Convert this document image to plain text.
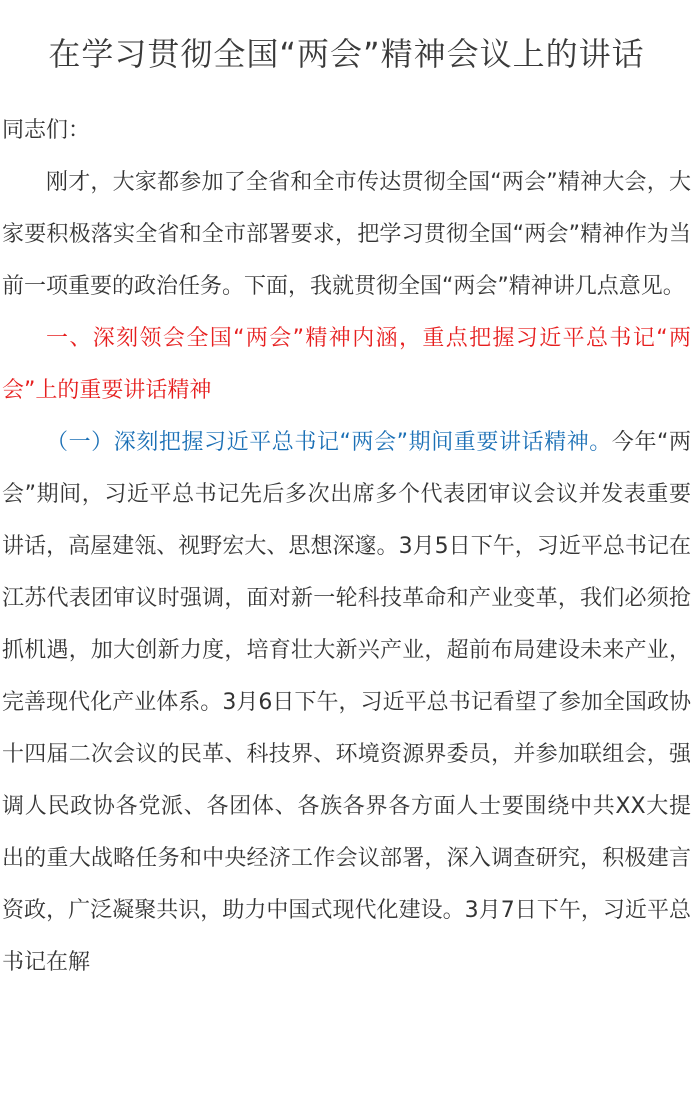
在学习贯彻全国“两会”精神会议上的讲话

同志们：

刚才，大家都参加了全省和全市传达贯彻全国“两会”精神大会，大家要积极落实全省和全市部署要求，把学习贯彻全国“两会”精神作为当前一项重要的政治任务。下面，我就贯彻全国“两会”精神讲几点意见。

一、深刻领会全国“两会”精神内涵，重点把握习近平总书记“两会”上的重要讲话精神

（一）深刻把握习近平总书记“两会”期间重要讲话精神。今年“两会”期间，习近平总书记先后多次出席多个代表团审议会议并发表重要讲话，高屋建瓴、视野宏大、思想深邃。3月5日下午，习近平总书记在江苏代表团审议时强调，面对新一轮科技革命和产业变革，我们必须抢抓机遇，加大创新力度，培育壮大新兴产业，超前布局建设未来产业，完善现代化产业体系。3月6日下午，习近平总书记看望了参加全国政协十四届二次会议的民革、科技界、环境资源界委员，并参加联组会，强调人民政协各党派、各团体、各族各界各方面人士要围绕中共XX大提出的重大战略任务和中央经济工作会议部署，深入调查研究，积极建言资政，广泛凝聚共识，助力中国式现代化建设。3月7日下午，习近平总书记在解
